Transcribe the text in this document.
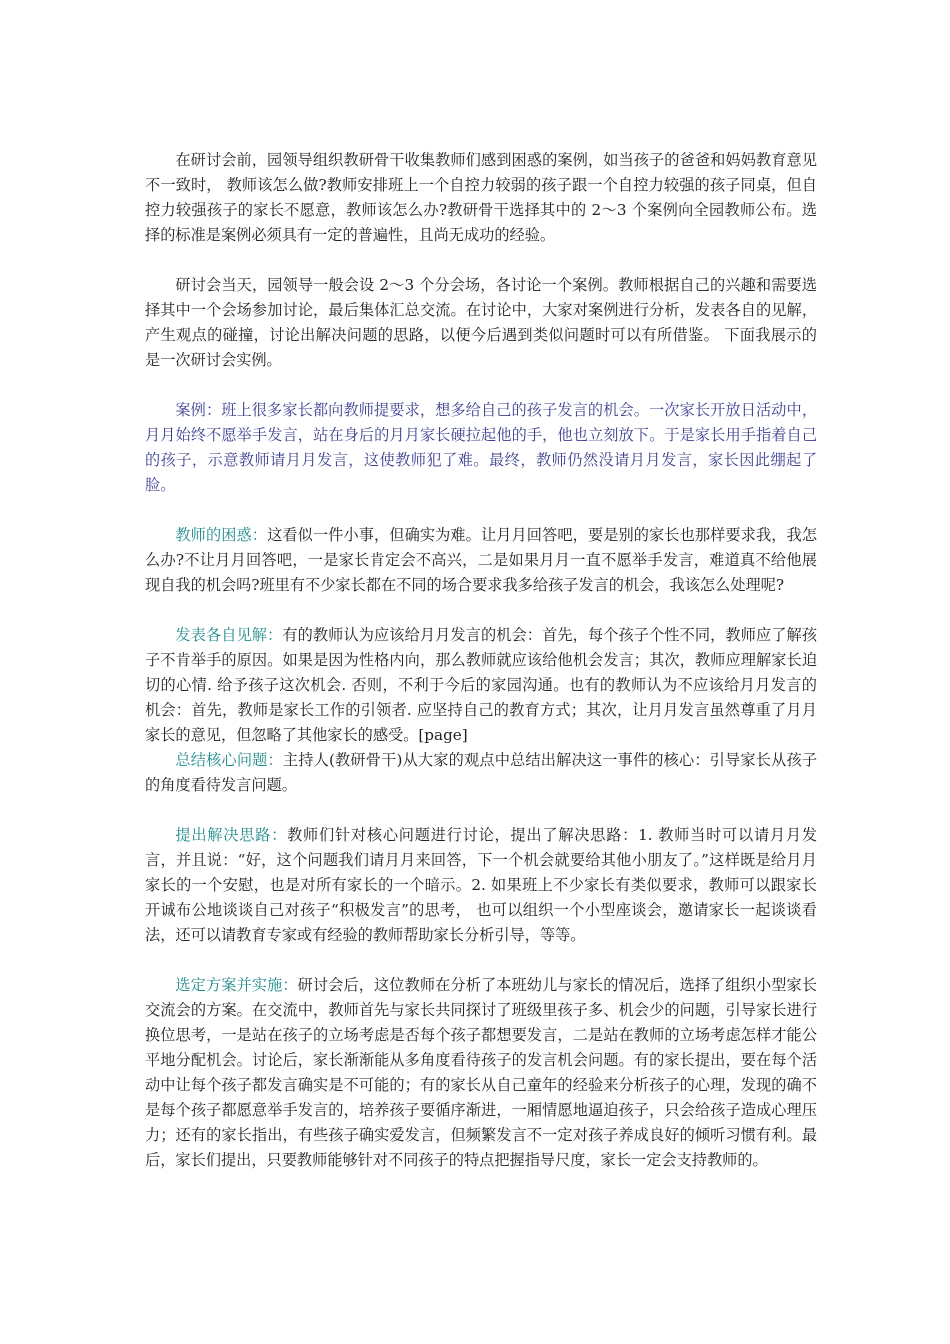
在研讨会前，园领导组织教研骨干收集教师们感到困惑的案例，如当孩子的爸爸和妈妈教育意见不一致时， 教师该怎么做?教师安排班上一个自控力较弱的孩子跟一个自控力较强的孩子同桌，但自控力较强孩子的家长不愿意，教师该怎么办?教研骨干选择其中的 2～3 个案例向全园教师公布。选择的标准是案例必须具有一定的普遍性，且尚无成功的经验。

研讨会当天，园领导一般会设 2～3 个分会场，各讨论一个案例。教师根据自己的兴趣和需要选择其中一个会场参加讨论，最后集体汇总交流。在讨论中，大家对案例进行分析，发表各自的见解，产生观点的碰撞，讨论出解决问题的思路，以便今后遇到类似问题时可以有所借鉴。 下面我展示的是一次研讨会实例。

案例：班上很多家长都向教师提要求，想多给自己的孩子发言的机会。一次家长开放日活动中，月月始终不愿举手发言，站在身后的月月家长硬拉起他的手，他也立刻放下。于是家长用手指着自己的孩子，示意教师请月月发言，这使教师犯了难。最终，教师仍然没请月月发言，家长因此绷起了脸。

教师的困惑：这看似一件小事，但确实为难。让月月回答吧，要是别的家长也那样要求我，我怎么办?不让月月回答吧，一是家长肯定会不高兴，二是如果月月一直不愿举手发言，难道真不给他展现自我的机会吗?班里有不少家长都在不同的场合要求我多给孩子发言的机会，我该怎么处理呢?

发表各自见解：有的教师认为应该给月月发言的机会：首先，每个孩子个性不同，教师应了解孩子不肯举手的原因。如果是因为性格内向，那么教师就应该给他机会发言；其次，教师应理解家长迫切的心情. 给予孩子这次机会. 否则，不利于今后的家园沟通。也有的教师认为不应该给月月发言的机会：首先，教师是家长工作的引领者. 应坚持自己的教育方式；其次，让月月发言虽然尊重了月月家长的意见，但忽略了其他家长的感受。[page]

总结核心问题：主持人(教研骨干)从大家的观点中总结出解决这一事件的核心：引导家长从孩子的角度看待发言问题。

提出解决思路：教师们针对核心问题进行讨论，提出了解决思路：1. 教师当时可以请月月发言，并且说：“好，这个问题我们请月月来回答，下一个机会就要给其他小朋友了。”这样既是给月月家长的一个安慰，也是对所有家长的一个暗示。2. 如果班上不少家长有类似要求，教师可以跟家长开诚布公地谈谈自己对孩子“积极发言”的思考， 也可以组织一个小型座谈会，邀请家长一起谈谈看法，还可以请教育专家或有经验的教师帮助家长分析引导，等等。

选定方案并实施：研讨会后，这位教师在分析了本班幼儿与家长的情况后，选择了组织小型家长交流会的方案。在交流中，教师首先与家长共同探讨了班级里孩子多、机会少的问题，引导家长进行换位思考，一是站在孩子的立场考虑是否每个孩子都想要发言，二是站在教师的立场考虑怎样才能公平地分配机会。讨论后，家长渐渐能从多角度看待孩子的发言机会问题。有的家长提出，要在每个活动中让每个孩子都发言确实是不可能的；有的家长从自己童年的经验来分析孩子的心理，发现的确不是每个孩子都愿意举手发言的，培养孩子要循序渐进，一厢情愿地逼迫孩子，只会给孩子造成心理压力；还有的家长指出，有些孩子确实爱发言，但频繁发言不一定对孩子养成良好的倾听习惯有利。最后，家长们提出，只要教师能够针对不同孩子的特点把握指导尺度，家长一定会支持教师的。
